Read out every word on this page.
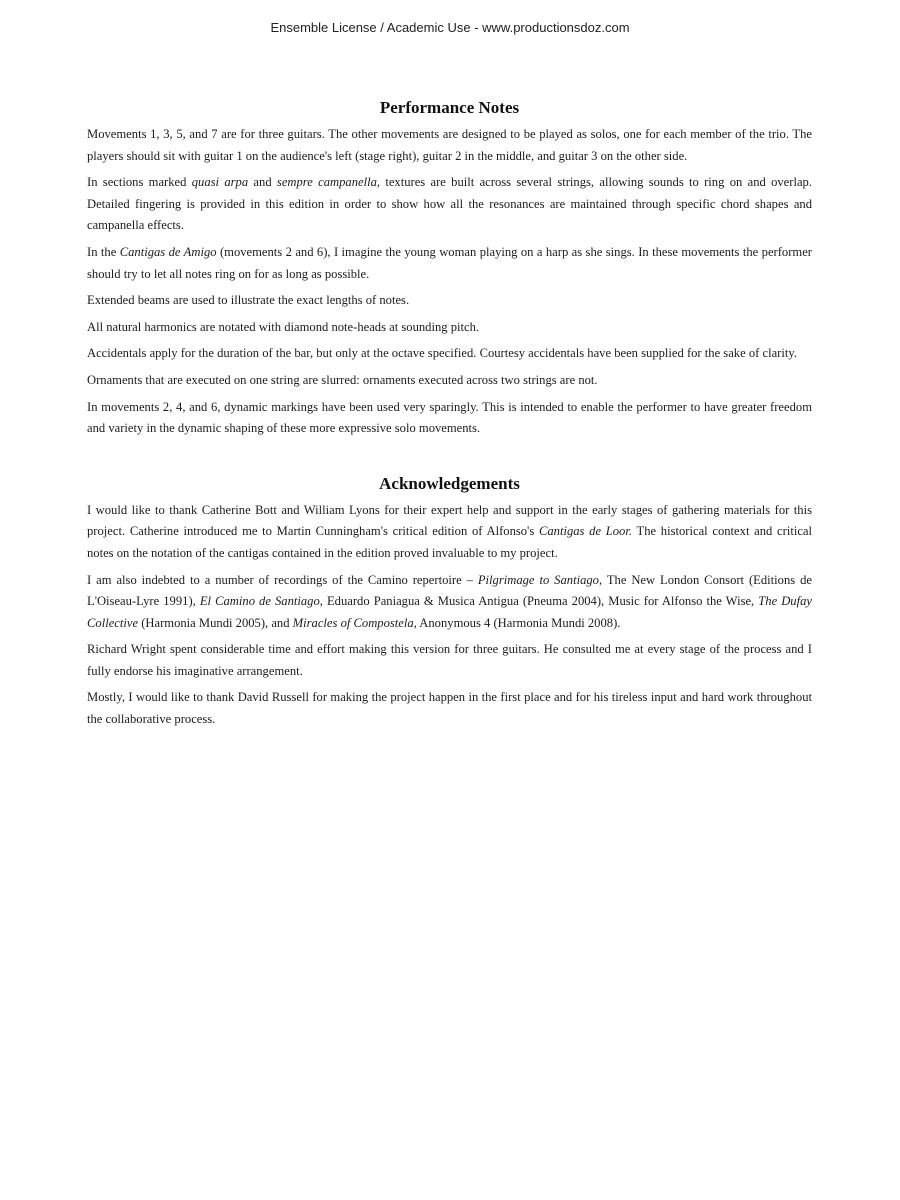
Ensemble License / Academic Use - www.productionsdoz.com
Performance Notes

Movements 1, 3, 5, and 7 are for three guitars. The other movements are designed to be played as solos, one for each member of the trio. The players should sit with guitar 1 on the audience's left (stage right), guitar 2 in the middle, and guitar 3 on the other side.

In sections marked quasi arpa and sempre campanella, textures are built across several strings, allowing sounds to ring on and overlap. Detailed fingering is provided in this edition in order to show how all the resonances are maintained through specific chord shapes and campanella effects.

In the Cantigas de Amigo (movements 2 and 6), I imagine the young woman playing on a harp as she sings. In these movements the performer should try to let all notes ring on for as long as possible.

Extended beams are used to illustrate the exact lengths of notes.

All natural harmonics are notated with diamond note-heads at sounding pitch.

Accidentals apply for the duration of the bar, but only at the octave specified. Courtesy accidentals have been supplied for the sake of clarity.

Ornaments that are executed on one string are slurred: ornaments executed across two strings are not.

In movements 2, 4, and 6, dynamic markings have been used very sparingly. This is intended to enable the performer to have greater freedom and variety in the dynamic shaping of these more expressive solo movements.

Acknowledgements

I would like to thank Catherine Bott and William Lyons for their expert help and support in the early stages of gathering materials for this project. Catherine introduced me to Martin Cunningham's critical edition of Alfonso's Cantigas de Loor. The historical context and critical notes on the notation of the cantigas contained in the edition proved invaluable to my project.

I am also indebted to a number of recordings of the Camino repertoire – Pilgrimage to Santiago, The New London Consort (Editions de L'Oiseau-Lyre 1991), El Camino de Santiago, Eduardo Paniagua & Musica Antigua (Pneuma 2004), Music for Alfonso the Wise, The Dufay Collective (Harmonia Mundi 2005), and Miracles of Compostela, Anonymous 4 (Harmonia Mundi 2008).

Richard Wright spent considerable time and effort making this version for three guitars. He consulted me at every stage of the process and I fully endorse his imaginative arrangement.

Mostly, I would like to thank David Russell for making the project happen in the first place and for his tireless input and hard work throughout the collaborative process.
